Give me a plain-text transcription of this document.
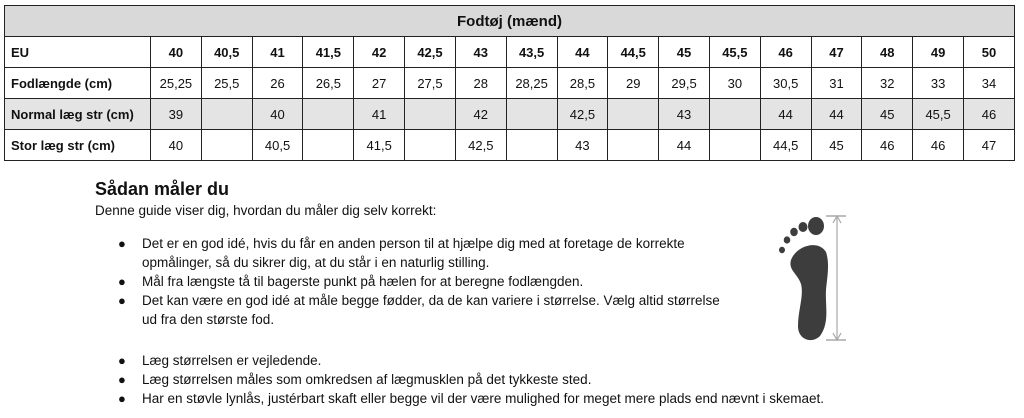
Fodtøj (mænd)																	
EU	40	40,5	41	41,5	42	42,5	43	43,5	44	44,5	45	45,5	46	47	48	49	50
Fodlængde (cm)	25,25	25,5	26	26,5	27	27,5	28	28,25	28,5	29	29,5	30	30,5	31	32	33	34
Normal læg str (cm)	39		40		41		42		42,5		43		44	44	45	45,5	46
Stor læg str (cm)	40		40,5		41,5		42,5		43		44		44,5	45	46	46	47
Sådan måler du

Denne guide viser dig, hvordan du måler dig selv korrekt:

● Det er en god idé, hvis du får en anden person til at hjælpe dig med at foretage de korrekte
opmålinger, så du sikrer dig, at du står i en naturlig stilling.
● Mål fra længste tå til bagerste punkt på hælen for at beregne fodlængden.
● Det kan være en god idé at måle begge fødder, da de kan variere i størrelse. Vælg altid størrelse
ud fra den største fod.
● Læg størrelsen er vejledende.
● Læg størrelsen måles som omkredsen af lægmusklen på det tykkeste sted.
● Har en støvle lynlås, justérbart skaft eller begge vil der være mulighed for meget mere plads end nævnt i skemaet.
